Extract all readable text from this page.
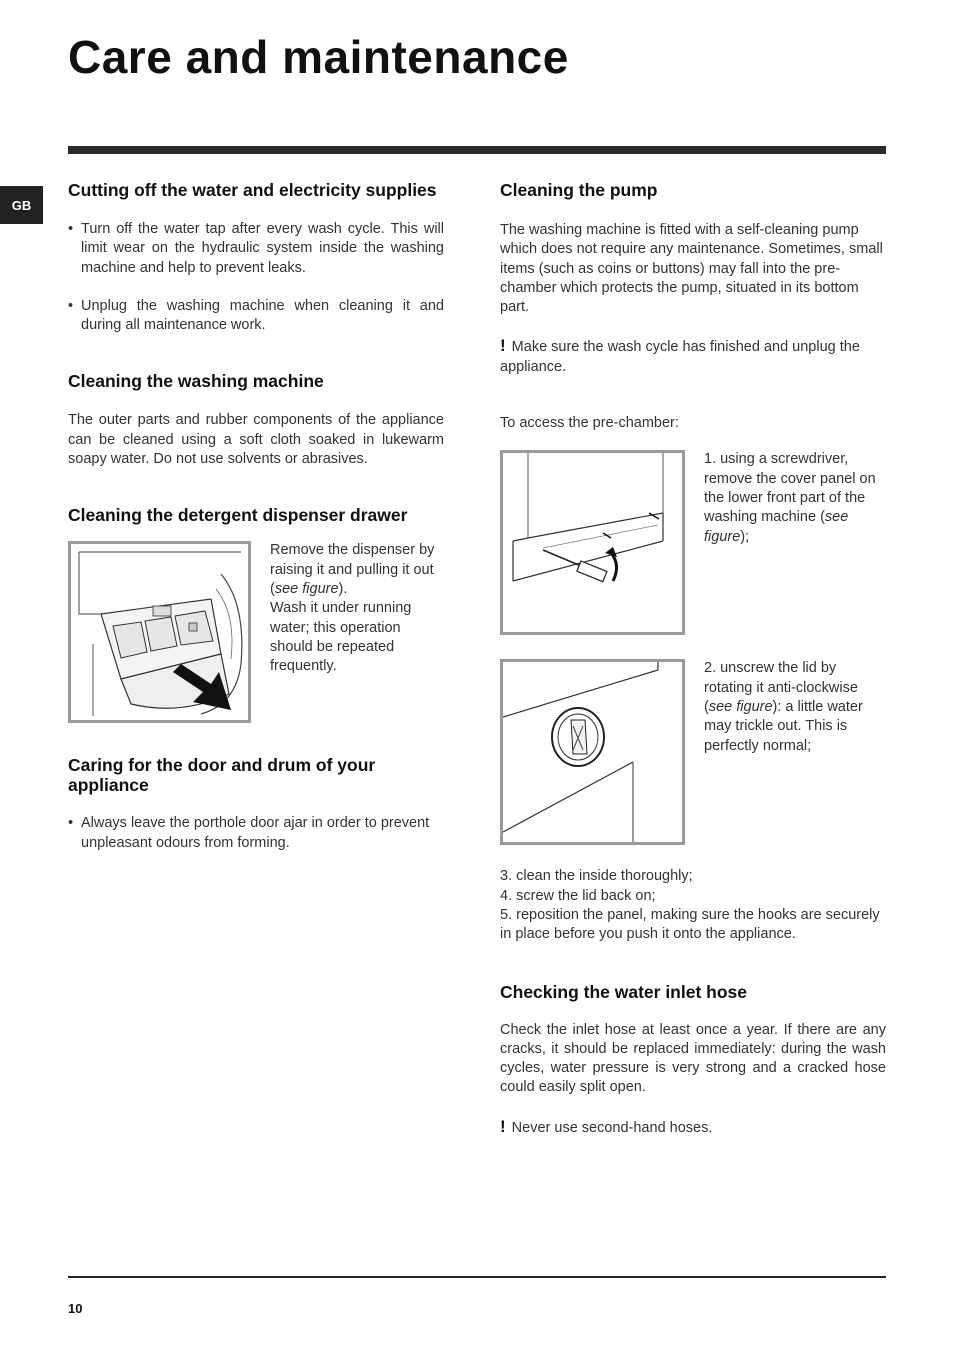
Care and maintenance
GB
Cutting off the water and electricity supplies
• Turn off the water tap after every wash cycle. This will limit wear on the hydraulic system inside the washing machine and help to prevent leaks.
• Unplug the washing machine when cleaning it and during all maintenance work.
Cleaning the washing machine

The outer parts and rubber components of the appliance can be cleaned using a soft cloth soaked in lukewarm soapy water. Do not use solvents or abrasives.

Cleaning the detergent dispenser drawer
Remove the dispenser by raising it and pulling it out (see figure).
Wash it under running water; this operation should be repeated frequently.
Caring for the door and drum of your appliance
• Always leave the porthole door ajar in order to prevent unpleasant odours from forming.
Cleaning the pump

The washing machine is fitted with a self-cleaning pump which does not require any maintenance. Sometimes, small items (such as coins or buttons) may fall into the pre-chamber which protects the pump, situated in its bottom part.

! Make sure the wash cycle has finished and unplug the appliance.

To access the pre-chamber:

1. using a screwdriver, remove the cover panel on the lower front part of the washing machine (see figure);
2. unscrew the lid by rotating it anti-clockwise (see figure): a little water may trickle out. This is perfectly normal;
3. clean the inside thoroughly;
4. screw the lid back on;
5. reposition the panel, making sure the hooks are securely in place before you push it onto the appliance.
Checking the water inlet hose

Check the inlet hose at least once a year. If there are any cracks, it should be replaced immediately: during the wash cycles, water pressure is very strong and a cracked hose could easily split open.

! Never use second-hand hoses.
10
